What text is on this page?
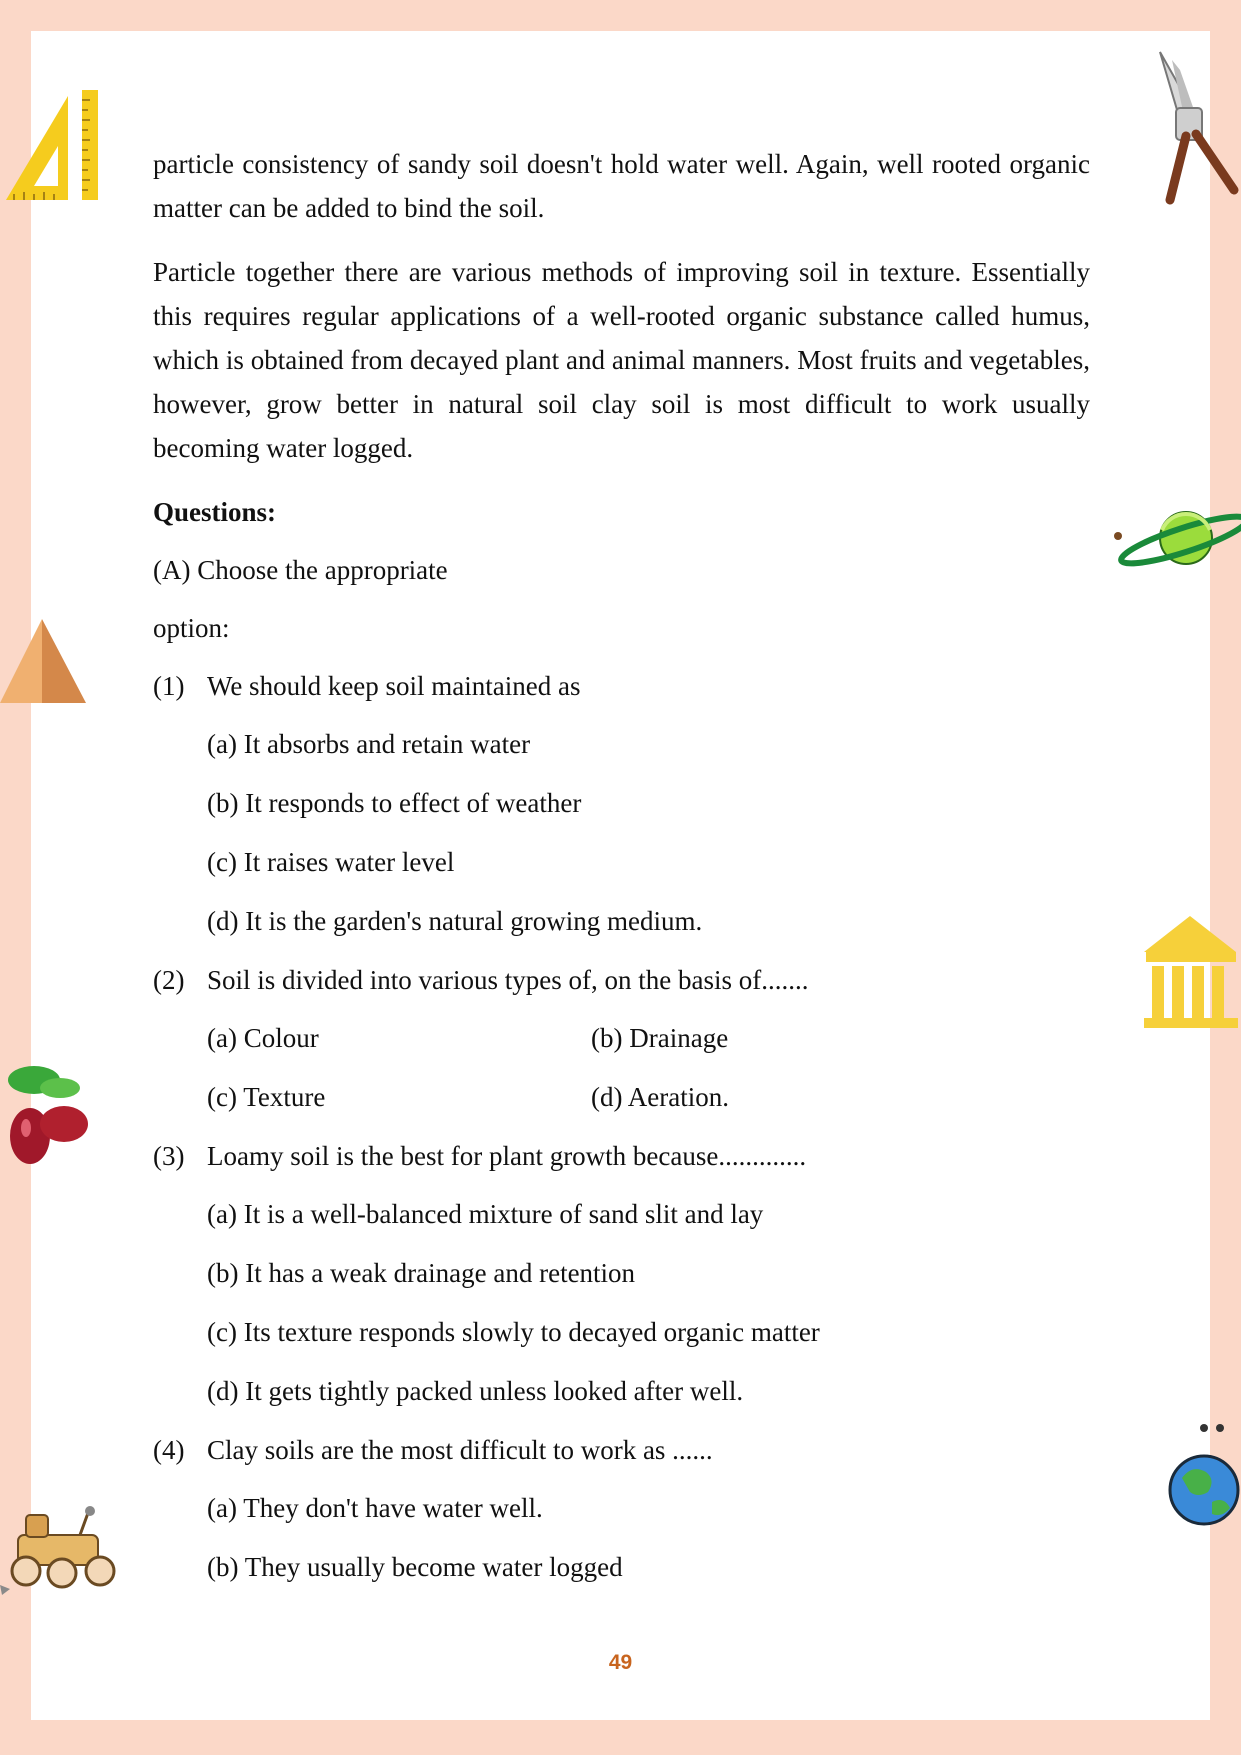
particle consistency of sandy soil doesn't hold water well. Again, well rooted organic matter can be added to bind the soil.

Particle together there are various methods of improving soil in texture. Essentially this requires regular applications of a well-rooted organic substance called humus, which is obtained from decayed plant and animal manners. Most fruits and vegetables, however, grow better in natural soil clay soil is most difficult to work usually becoming water logged.

Questions:
(A) Choose the appropriate
option:
(1) We should keep soil maintained as
(a) It absorbs and retain water
(b) It responds to effect of weather
(c) It raises water level
(d) It is the garden's natural growing medium.
(2) Soil is divided into various types of, on the basis of.......
(a) Colour	(b) Drainage
(c) Texture	(d) Aeration.
(3) Loamy soil is the best for plant growth because.............
(a) It is a well-balanced mixture of sand slit and lay
(b) It has a weak drainage and retention
(c) Its texture responds slowly to decayed organic matter
(d) It gets tightly packed unless looked after well.
(4) Clay soils are the most difficult to work as ......
(a) They don't have water well.
(b) They usually become water logged
49
